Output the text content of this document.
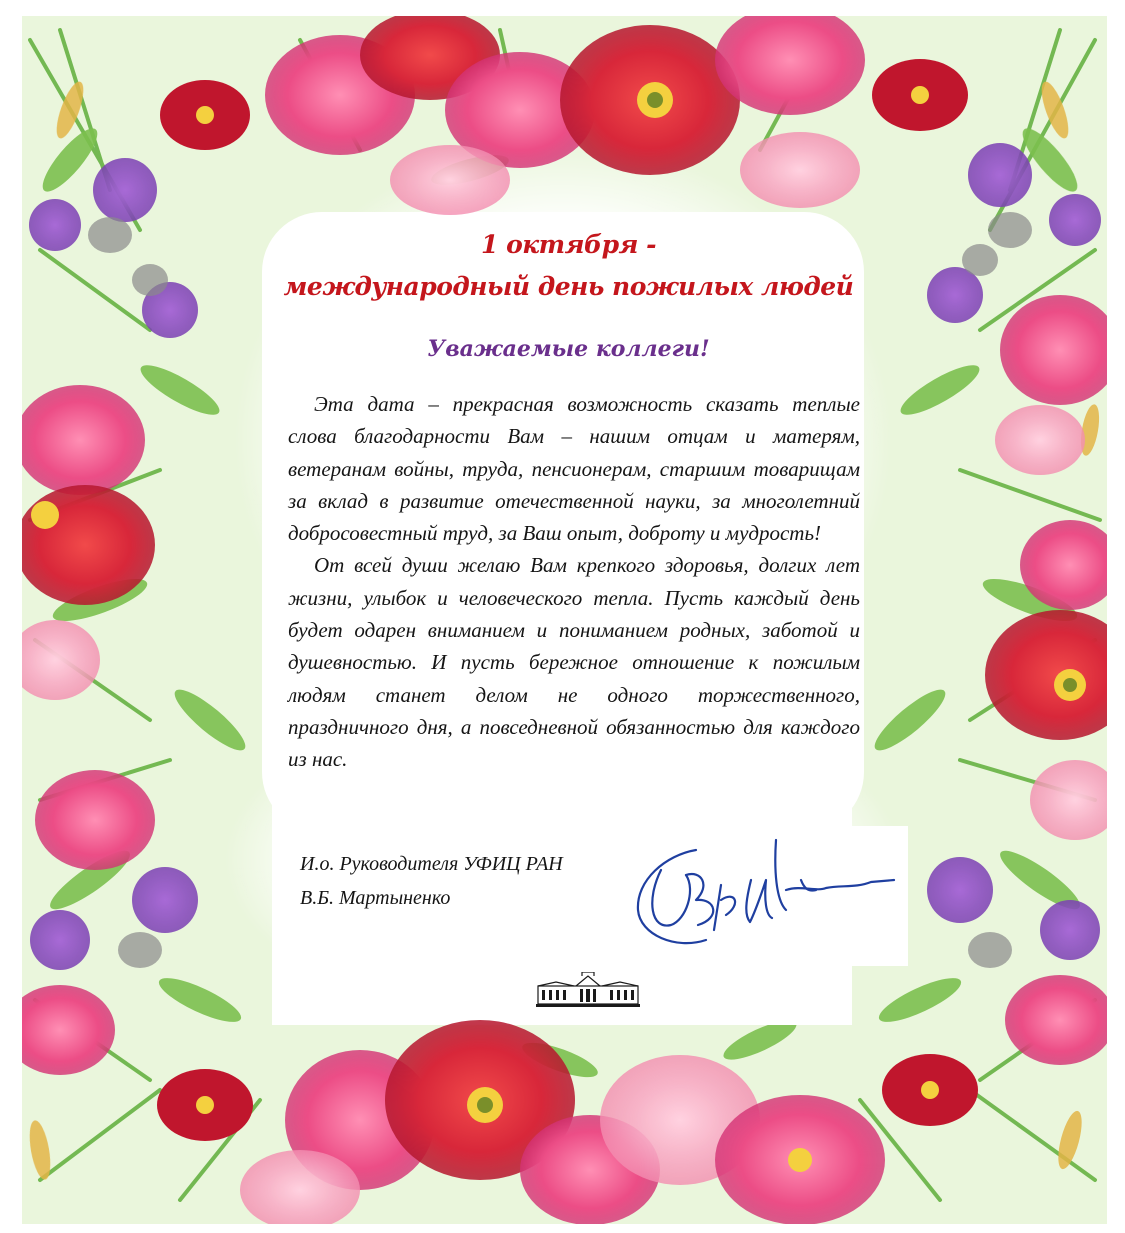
1 октября -
международный день пожилых людей
Уважаемые коллеги!

Эта дата – прекрасная возможность сказать теплые слова благодарности Вам – нашим отцам и матерям, ветеранам войны, труда, пенсионерам, старшим товарищам за вклад в развитие отечественной науки, за многолетний добросовестный труд, за Ваш опыт, доброту и мудрость!

От всей души желаю Вам крепкого здоровья, долгих лет жизни, улыбок и человеческого тепла. Пусть каждый день будет одарен вниманием и пониманием родных, заботой и душевностью. И пусть бережное отношение к пожилым людям станет делом не одного торжественного, праздничного дня, а повседневной обязанностью для каждого из нас.

И.о. Руководителя УФИЦ РАН
В.Б. Мартыненко
